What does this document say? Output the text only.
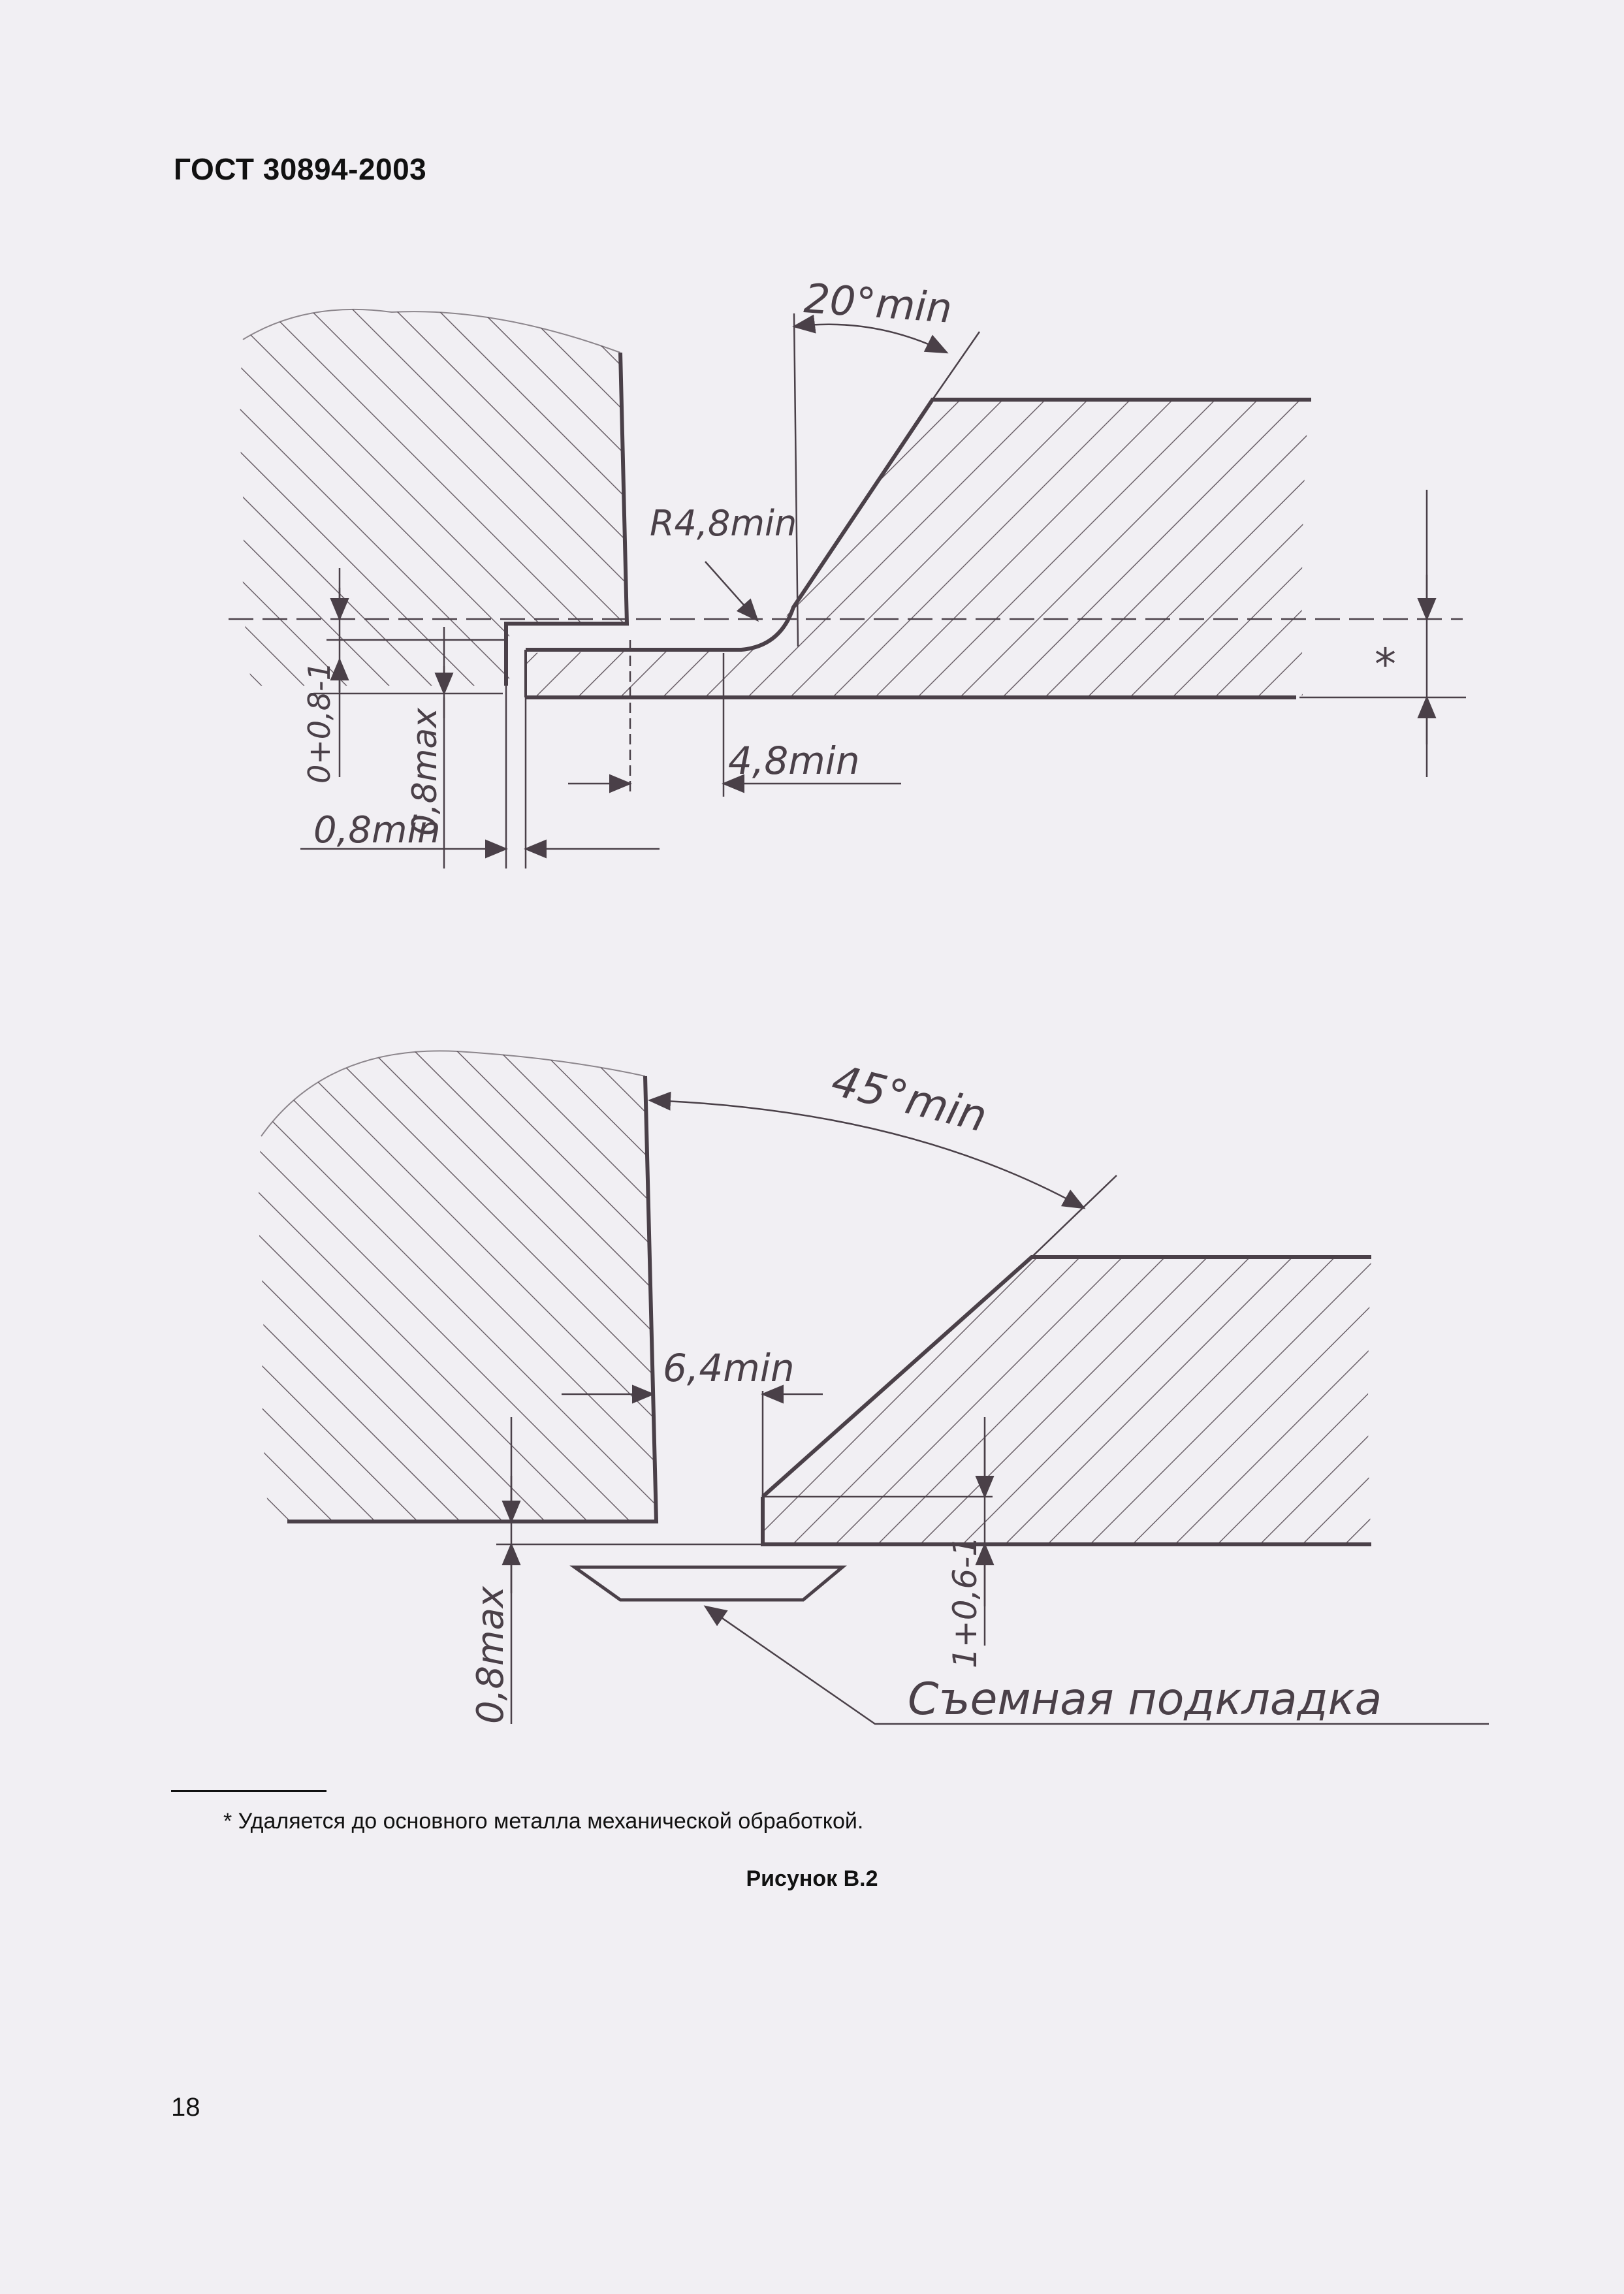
ГОСТ 30894-2003
20°min
R4,8min
4,8min
0,8min
0,8max
0+0,8-1	*
45°min
6,4min
0,8max	1+0,6-1
Съемная подкладка
* Удаляется до основного металла механической обработкой.
Рисунок В.2
18
